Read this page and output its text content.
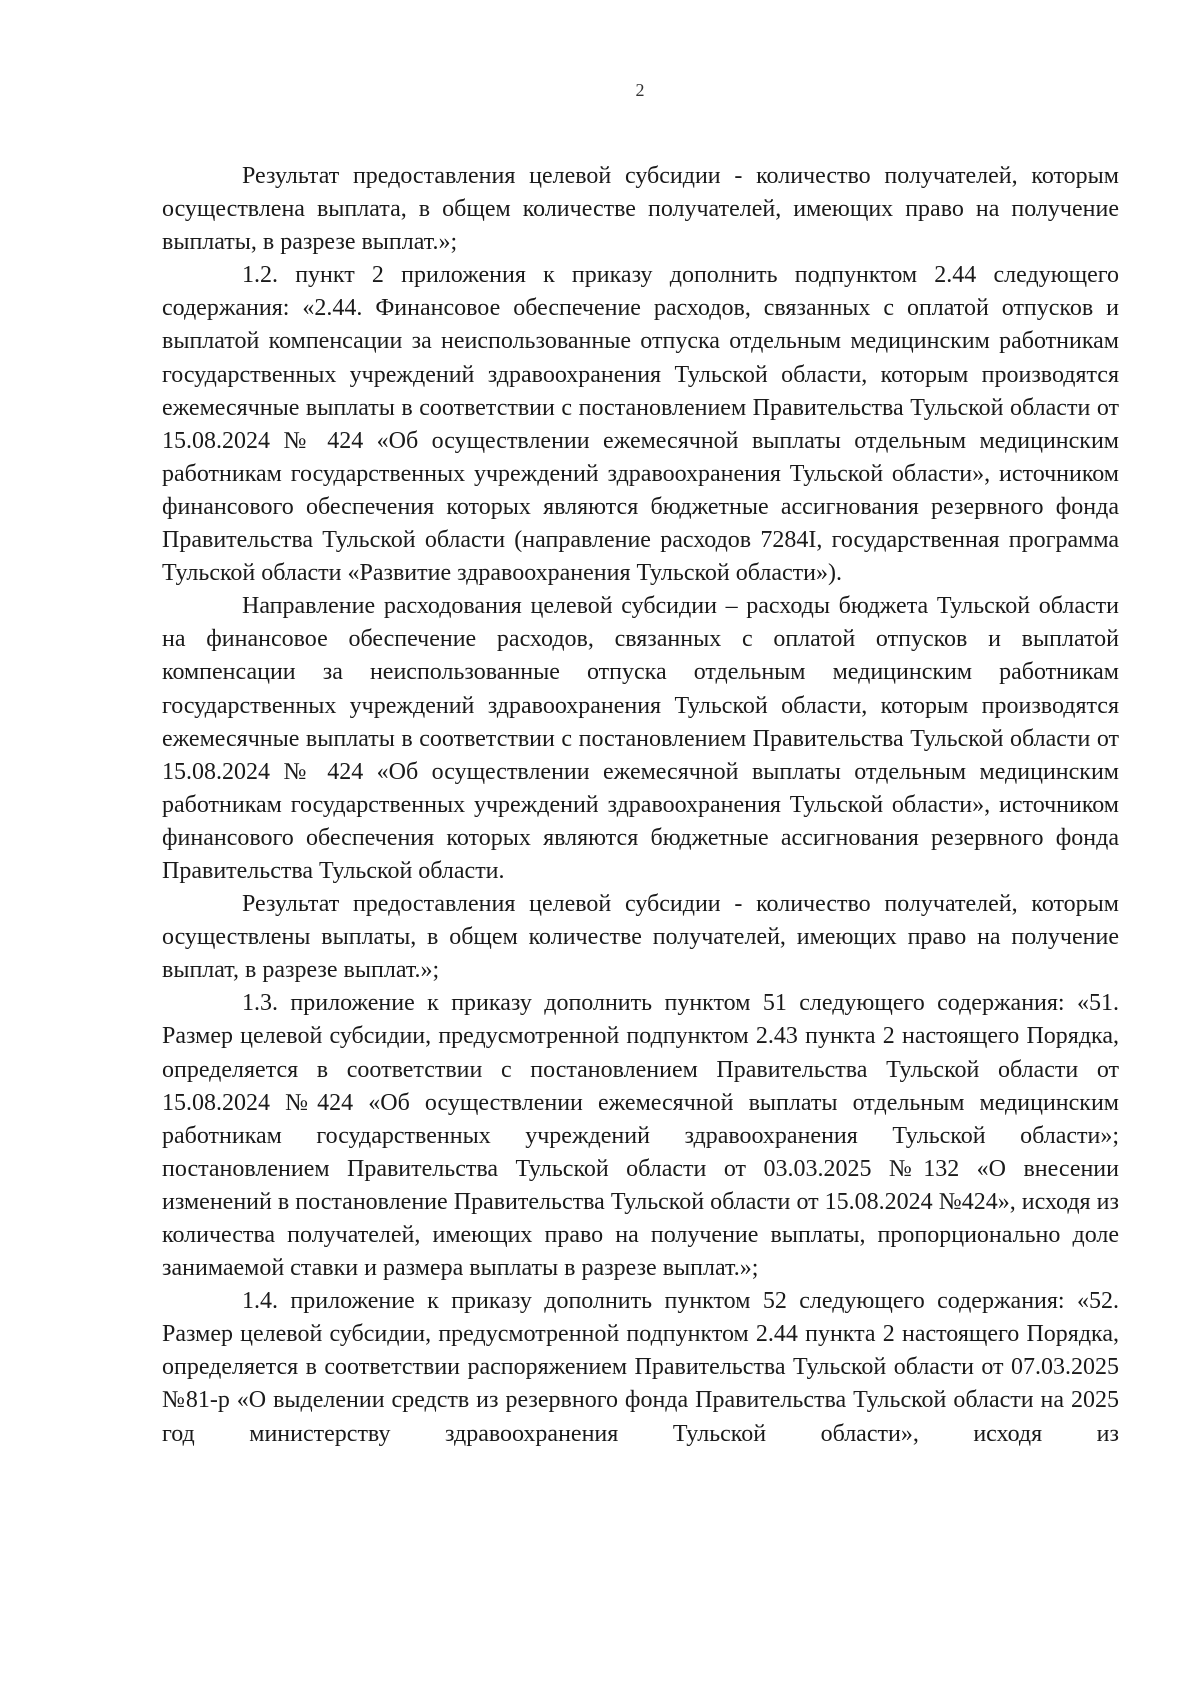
2

Результат предоставления целевой субсидии - количество получателей, которым осуществлена выплата, в общем количестве получателей, имеющих право на получение выплаты, в разрезе выплат.»;

1.2. пункт 2 приложения к приказу дополнить подпунктом 2.44 следующего содержания: «2.44. Финансовое обеспечение расходов, связанных с оплатой отпусков и выплатой компенсации за неиспользованные отпуска отдельным медицинским работникам государственных учреждений здравоохранения Тульской области, которым производятся ежемесячные выплаты в соответствии с постановлением Правительства Тульской области от 15.08.2024 № 424 «Об осуществлении ежемесячной выплаты отдельным медицинским работникам государственных учреждений здравоохранения Тульской области», источником финансового обеспечения которых являются бюджетные ассигнования резервного фонда Правительства Тульской области (направление расходов 7284I, государственная программа Тульской области «Развитие здравоохранения Тульской области»).

Направление расходования целевой субсидии – расходы бюджета Тульской области на финансовое обеспечение расходов, связанных с оплатой отпусков и выплатой компенсации за неиспользованные отпуска отдельным медицинским работникам государственных учреждений здравоохранения Тульской области, которым производятся ежемесячные выплаты в соответствии с постановлением Правительства Тульской области от 15.08.2024 № 424 «Об осуществлении ежемесячной выплаты отдельным медицинским работникам государственных учреждений здравоохранения Тульской области», источником финансового обеспечения которых являются бюджетные ассигнования резервного фонда Правительства Тульской области.

Результат предоставления целевой субсидии - количество получателей, которым осуществлены выплаты, в общем количестве получателей, имеющих право на получение выплат, в разрезе выплат.»;

1.3. приложение к приказу дополнить пунктом 51 следующего содержания: «51. Размер целевой субсидии, предусмотренной подпунктом 2.43 пункта 2 настоящего Порядка, определяется в соответствии с постановлением Правительства Тульской области от 15.08.2024 №424 «Об осуществлении ежемесячной выплаты отдельным медицинским работникам государственных учреждений здравоохранения Тульской области»; постановлением Правительства Тульской области от 03.03.2025 №132 «О внесении изменений в постановление Правительства Тульской области от 15.08.2024 №424», исходя из количества получателей, имеющих право на получение выплаты, пропорционально доле занимаемой ставки и размера выплаты в разрезе выплат.»;

1.4. приложение к приказу дополнить пунктом 52 следующего содержания: «52. Размер целевой субсидии, предусмотренной подпунктом 2.44 пункта 2 настоящего Порядка, определяется в соответствии распоряжением Правительства Тульской области от 07.03.2025 №81-р «О выделении средств из резервного фонда Правительства Тульской области на 2025 год министерству здравоохранения Тульской области», исходя из
